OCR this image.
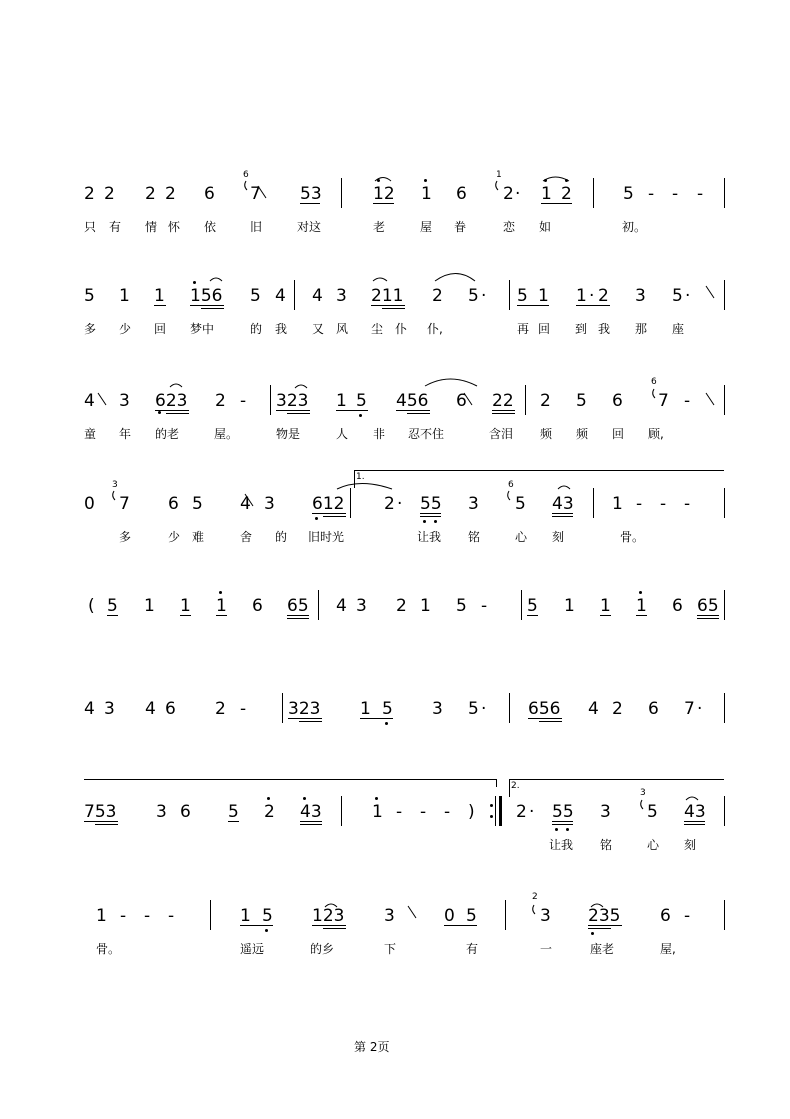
2 2 2 2 6
6
7 53	12 1 6
1
2 · 1 2	5 - - -
只 有 情 怀 依	旧	对这	老	屋 眷	恋 如	初。
5 1 1 156 5 4 4 3 211 2 5 · 5 1 1 · 2 3 5 ·
多 少 回 梦中	的 我 又 风 尘 仆 仆,	再 回 到 我 那 座
4 3 623 2 - 323 1 5 456 6 22 2 5 6
6
7 -
童 年 的老	屋。	物是	人 非 忍不住	含泪 频 频 回 顾,
1.
0
3
7 6 5 4 3 612 2 · 55 3
6
5 43 1 - - -
多	少 难	舍 的 旧时光	让我 铭	心 刻	骨。
( 5 1 1 1 6 65 4 3 2 1 5 - 5 1 1 1 6 65
4 3 4 6 2 - 323 1 5 3 5 · 656 4 2 6 7 ·
2.
753 3 6 5 2 43	1 - - - ) 2 · 55 3
3
5 43
让我 铭	心 刻
1 - - -	1 5 123 3	0 5
2
3 235 6 -
骨。	遥远	的乡	下	有	一	座老	屋,
第 2页
